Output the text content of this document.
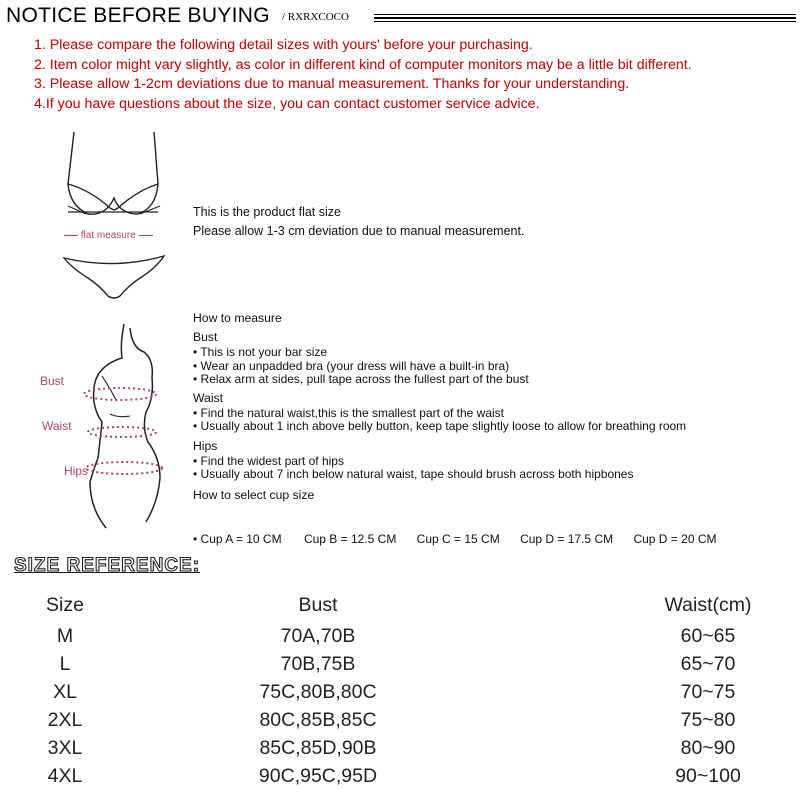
NOTICE BEFORE BUYING / RXRXCOCO
1. Please compare the following detail sizes with yours' before your purchasing.
2. Item color might vary slightly, as color in different kind of computer monitors may be a little bit different.
3. Please allow 1-2cm deviations due to manual measurement. Thanks for your understanding.
4.If you have questions about the size, you can contact customer service advice.
flat measure
This is the product flat size
Please allow 1-3 cm deviation due to manual measurement.
Bust
Waist
Hips
How to measure
Bust
• This is not your bar size
• Wear an unpadded bra (your dress will have a built-in bra)
• Relax arm at sides, pull tape across the fullest part of the bust
Waist
• Find the natural waist,this is the smallest part of the waist
• Usually about 1 inch above belly button, keep tape slightly loose to allow for breathing room
Hips
• Find the widest part of hips
• Usually about 7 inch below natural waist, tape should brush across both hipbones
How to select cup size
• Cup A = 10 CM Cup B = 12.5 CM Cup C = 15 CM Cup D = 17.5 CM Cup D = 20 CM
SIZE REFERENCE:
Size	Bust	Waist(cm)
M	70A,70B	60~65
L	70B,75B	65~70
XL	75C,80B,80C	70~75
2XL	80C,85B,85C	75~80
3XL	85C,85D,90B	80~90
4XL	90C,95C,95D	90~100
